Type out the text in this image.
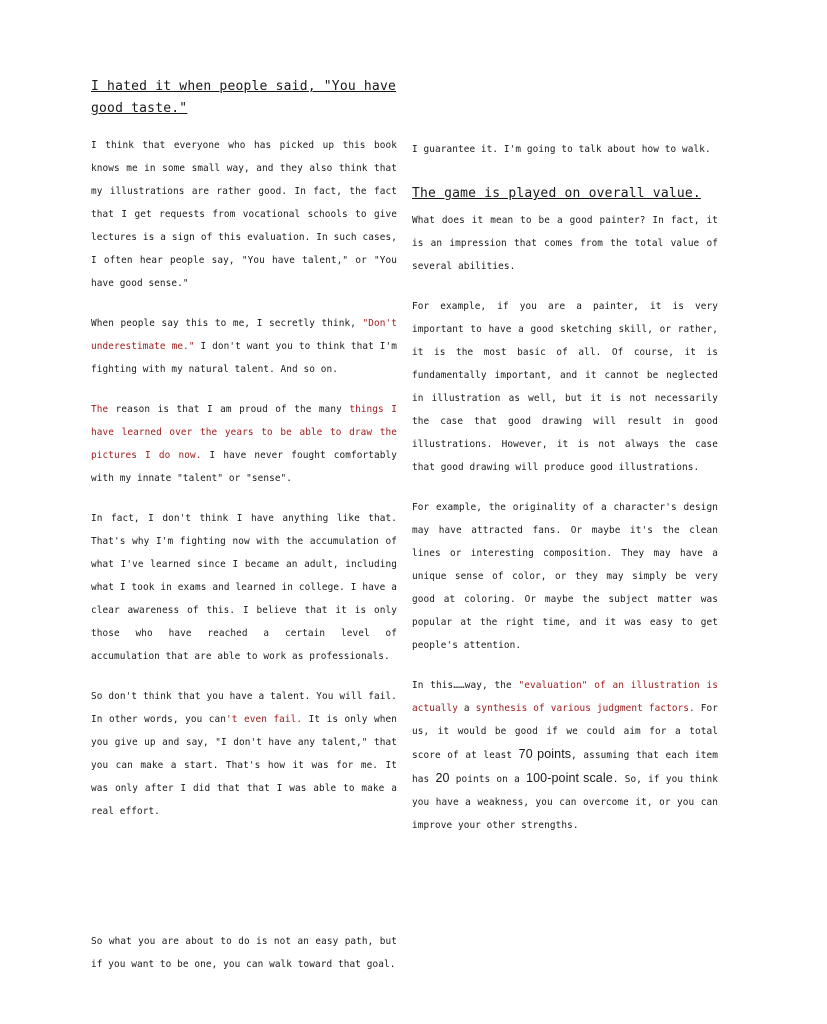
I hated it when people said, "You have good taste."

I think that everyone who has picked up this book knows me in some small way, and they also think that my illustrations are rather good. In fact, the fact that I get requests from vocational schools to give lectures is a sign of this evaluation. In such cases, I often hear people say, "You have talent," or "You have good sense."

When people say this to me, I secretly think, "Don't underestimate me." I don't want you to think that I'm fighting with my natural talent. And so on.

The reason is that I am proud of the many things I have learned over the years to be able to draw the pictures I do now. I have never fought comfortably with my innate "talent" or "sense".

In fact, I don't think I have anything like that. That's why I'm fighting now with the accumulation of what I've learned since I became an adult, including what I took in exams and learned in college. I have a clear awareness of this. I believe that it is only those who have reached a certain level of accumulation that are able to work as professionals.

So don't think that you have a talent. You will fail. In other words, you can't even fail. It is only when you give up and say, "I don't have any talent," that you can make a start. That's how it was for me. It was only after I did that that I was able to make a real effort.

I guarantee it. I'm going to talk about how to walk.

The game is played on overall value.

What does it mean to be a good painter? In fact, it is an impression that comes from the total value of several abilities.

For example, if you are a painter, it is very important to have a good sketching skill, or rather, it is the most basic of all. Of course, it is fundamentally important, and it cannot be neglected in illustration as well, but it is not necessarily the case that good drawing will result in good illustrations. However, it is not always the case that good drawing will produce good illustrations.

For example, the originality of a character's design may have attracted fans. Or maybe it's the clean lines or interesting composition. They may have a unique sense of color, or they may simply be very good at coloring. Or maybe the subject matter was popular at the right time, and it was easy to get people's attention.

In this……way, the "evaluation" of an illustration is actually a synthesis of various judgment factors. For us, it would be good if we could aim for a total score of at least 70 points, assuming that each item has 20 points on a 100-point scale. So, if you think you have a weakness, you can overcome it, or you can improve your other strengths.

So what you are about to do is not an easy path, but if you want to be one, you can walk toward that goal.
